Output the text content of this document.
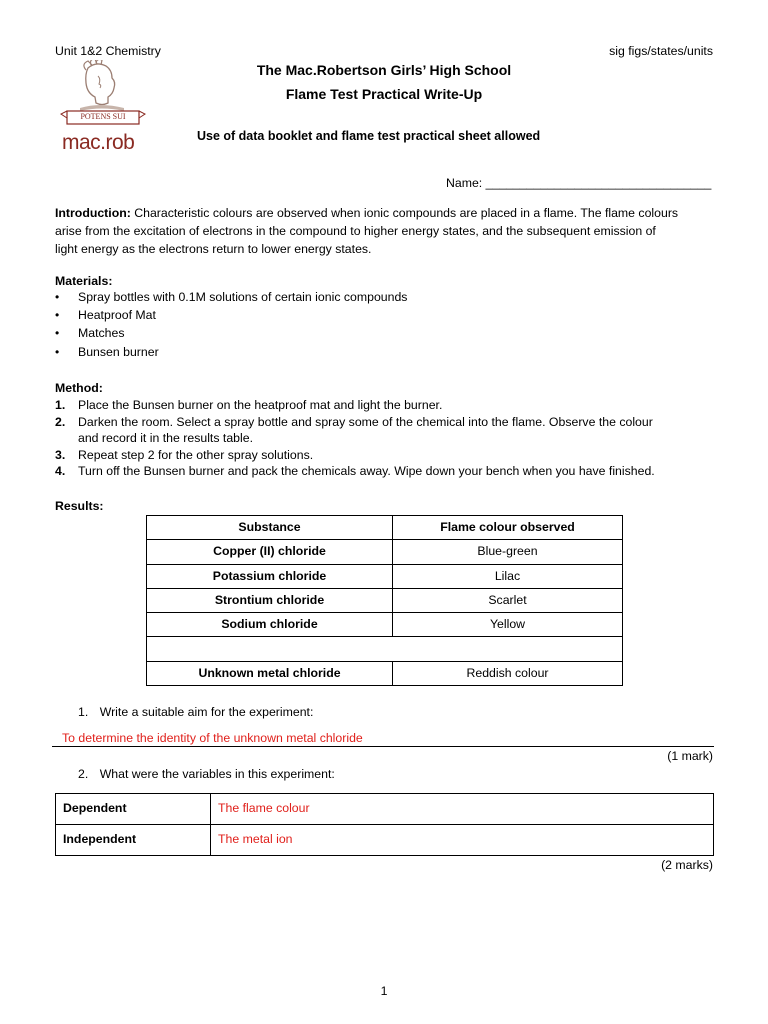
Unit 1&2 Chemistry	sig figs/states/units
POTENS SUI
mac.rob
The Mac.Robertson Girls’ High School
Flame Test Practical Write-Up
Use of data booklet and flame test practical sheet allowed
Name: _________________________________
Introduction: Characteristic colours are observed when ionic compounds are placed in a flame. The flame colours
arise from the excitation of electrons in the compound to higher energy states, and the subsequent emission of
light energy as the electrons return to lower energy states.
Materials:
• Spray bottles with 0.1M solutions of certain ionic compounds
• Heatproof Mat
• Matches
• Bunsen burner
Method:
1. Place the Bunsen burner on the heatproof mat and light the burner.
2. Darken the room. Select a spray bottle and spray some of the chemical into the flame. Observe the colour
and record it in the results table.
3. Repeat step 2 for the other spray solutions.
4. Turn off the Bunsen burner and pack the chemicals away. Wipe down your bench when you have finished.
Results:
Substance	Flame colour observed
Copper (II) chloride	Blue-green
Potassium chloride	Lilac
Strontium chloride	Scarlet
Sodium chloride	Yellow

Unknown metal chloride	Reddish colour
1. Write a suitable aim for the experiment:
To determine the identity of the unknown metal chloride
(1 mark)
2. What were the variables in this experiment:
Dependent	The flame colour
Independent	The metal ion
(2 marks)
1
